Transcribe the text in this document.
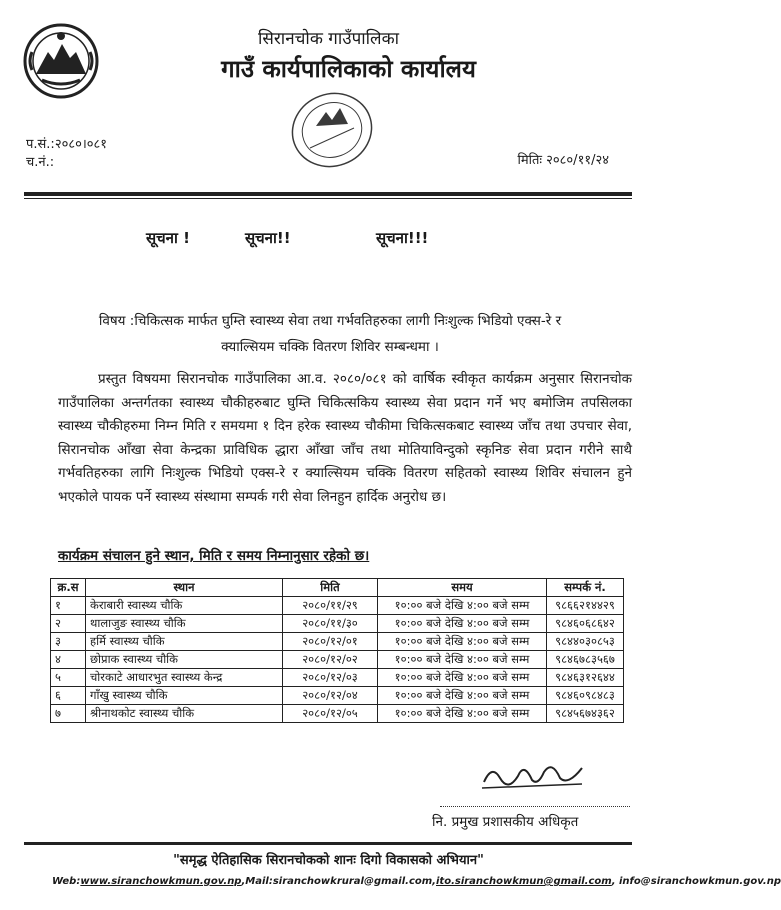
सिरानचोक गाउँपालिका
गाउँ कार्यपालिकाको कार्यालय
प.सं.:२०८०।०८१
च.नं.:	मितिः २०८०/११/२४
सूचना !	सूचना!!	सूचना!!!
विषय :चिकित्सक मार्फत घुम्ति स्वास्थ्य सेवा तथा गर्भवतिहरुका लागी निःशुल्क भिडियो एक्स-रे र
क्याल्सियम चक्कि वितरण शिविर सम्बन्धमा ।
प्रस्तुत विषयमा सिरानचोक गाउँपालिका आ.व. २०८०/०८१ को वार्षिक स्वीकृत कार्यक्रम अनुसार सिरानचोक गाउँपालिका अन्तर्गतका स्वास्थ्य चौकीहरुबाट घुम्ति चिकित्सकिय स्वास्थ्य सेवा प्रदान गर्ने भए बमोजिम तपसिलका स्वास्थ्य चौकीहरुमा निम्न मिति र समयमा १ दिन हरेक स्वास्थ्य चौकीमा चिकित्सकबाट स्वास्थ्य जाँच तथा उपचार सेवा, सिरानचोक आँखा सेवा केन्द्रका प्राविधिक द्धारा आँखा जाँच तथा मोतियाविन्दुको स्कृनिङ सेवा प्रदान गरीने साथै गर्भवतिहरुका लागि निःशुल्क भिडियो एक्स-रे र क्याल्सियम चक्कि वितरण सहितको स्वास्थ्य शिविर संचालन हुने भएकोले पायक पर्ने स्वास्थ्य संस्थामा सम्पर्क गरी सेवा लिनहुन हार्दिक अनुरोध छ।
कार्यक्रम संचालन हुने स्थान, मिति र समय निम्नानुसार रहेको छ।
क्र.स	स्थान	मिति	समय	सम्पर्क नं.
१	केराबारी स्वास्थ्य चौकि	२०८०/११/२९	१०:०० बजे देखि ४:०० बजे सम्म	९८६६२१४४२९
२	थालाजुङ स्वास्थ्य चौकि	२०८०/११/३०	१०:०० बजे देखि ४:०० बजे सम्म	९८४६०६८६४२
३	हर्मि स्वास्थ्य चौकि	२०८०/१२/०१	१०:०० बजे देखि ४:०० बजे सम्म	९८४४०३०८५३
४	छोप्राक स्वास्थ्य चौकि	२०८०/१२/०२	१०:०० बजे देखि ४:०० बजे सम्म	९८४६७८३५६७
५	चोरकाटे आधारभुत स्वास्थ्य केन्द्र	२०८०/१२/०३	१०:०० बजे देखि ४:०० बजे सम्म	९८४६३१२६४४
६	गाँखु स्वास्थ्य चौकि	२०८०/१२/०४	१०:०० बजे देखि ४:०० बजे सम्म	९८४६०९८४८३
७	श्रीनाथकोट स्वास्थ्य चौकि	२०८०/१२/०५	१०:०० बजे देखि ४:०० बजे सम्म	९८४५६७४३६२
नि. प्रमुख प्रशासकीय अधिकृत
"समृद्ध ऐतिहासिक सिरानचोकको शानः दिगो विकासको अभियान"
Web:www.siranchowkmun.gov.np,Mail:siranchowkrural@gmail.com,ito.siranchowkmun@gmail.com, info@siranchowkmun.gov.np
